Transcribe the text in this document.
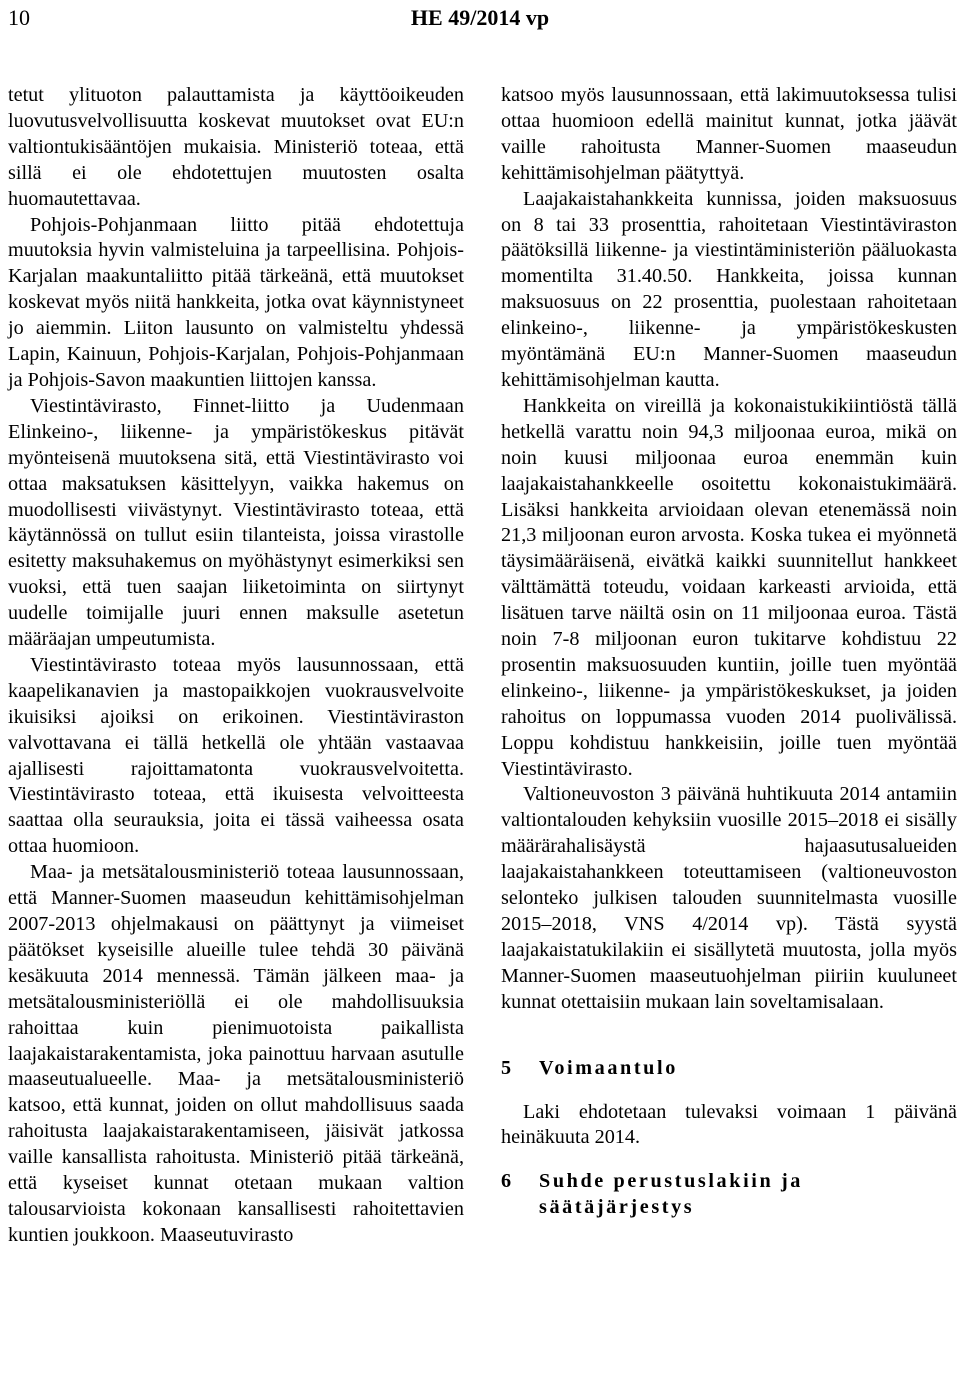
10	HE 49/2014 vp

tetut ylituoton palauttamista ja käyttöoikeuden luovutusvelvollisuutta koskevat muutokset ovat EU:n valtiontukisääntöjen mukaisia. Ministeriö toteaa, että sillä ei ole ehdotettujen muutosten osalta huomautettavaa.

Pohjois-Pohjanmaan liitto pitää ehdotettuja muutoksia hyvin valmisteluina ja tarpeellisina. Pohjois-Karjalan maakuntaliitto pitää tärkeänä, että muutokset koskevat myös niitä hankkeita, jotka ovat käynnistyneet jo aiemmin. Liiton lausunto on valmisteltu yhdessä Lapin, Kainuun, Pohjois-Karjalan, Pohjois-Pohjanmaan ja Pohjois-Savon maakuntien liittojen kanssa.

Viestintävirasto, Finnet-liitto ja Uudenmaan Elinkeino-, liikenne- ja ympäristökeskus pitävät myönteisenä muutoksena sitä, että Viestintävirasto voi ottaa maksatuksen käsittelyyn, vaikka hakemus on muodollisesti viivästynyt. Viestintävirasto toteaa, että käytännössä on tullut esiin tilanteista, joissa virastolle esitetty maksuhakemus on myöhästynyt esimerkiksi sen vuoksi, että tuen saajan liiketoiminta on siirtynyt uudelle toimijalle juuri ennen maksulle asetetun määräajan umpeutumista.

Viestintävirasto toteaa myös lausunnossaan, että kaapelikanavien ja mastopaikkojen vuokrausvelvoite ikuisiksi ajoiksi on erikoinen. Viestintäviraston valvottavana ei tällä hetkellä ole yhtään vastaavaa ajallisesti rajoittamatonta vuokrausvelvoitetta. Viestintävirasto toteaa, että ikuisesta velvoitteesta saattaa olla seurauksia, joita ei tässä vaiheessa osata ottaa huomioon.

Maa- ja metsätalousministeriö toteaa lausunnossaan, että Manner-Suomen maaseudun kehittämisohjelman 2007-2013 ohjelmakausi on päättynyt ja viimeiset päätökset kyseisille alueille tulee tehdä 30 päivänä kesäkuuta 2014 mennessä. Tämän jälkeen maa- ja metsätalousministeriöllä ei ole mahdollisuuksia rahoittaa kuin pienimuotoista paikallista laajakaistarakentamista, joka painottuu harvaan asutulle maaseutualueelle. Maa- ja metsätalousministeriö katsoo, että kunnat, joiden on ollut mahdollisuus saada rahoitusta laajakaistarakentamiseen, jäisivät jatkossa vaille kansallista rahoitusta. Ministeriö pitää tärkeänä, että kyseiset kunnat otetaan mukaan valtion talousarvioista kokonaan kansallisesti rahoitettavien kuntien joukkoon. Maaseutuvirasto

katsoo myös lausunnossaan, että lakimuutoksessa tulisi ottaa huomioon edellä mainitut kunnat, jotka jäävät vaille rahoitusta Manner-Suomen maaseudun kehittämisohjelman päätyttyä.

Laajakaistahankkeita kunnissa, joiden maksuosuus on 8 tai 33 prosenttia, rahoitetaan Viestintäviraston päätöksillä liikenne- ja viestintäministeriön pääluokasta momentilta 31.40.50. Hankkeita, joissa kunnan maksuosuus on 22 prosenttia, puolestaan rahoitetaan elinkeino-, liikenne- ja ympäristökeskusten myöntämänä EU:n Manner-Suomen maaseudun kehittämisohjelman kautta.

Hankkeita on vireillä ja kokonaistukikiintiöstä tällä hetkellä varattu noin 94,3 miljoonaa euroa, mikä on noin kuusi miljoonaa euroa enemmän kuin laajakaistahankkeelle osoitettu kokonaistukimäärä. Lisäksi hankkeita arvioidaan olevan etenemässä noin 21,3 miljoonan euron arvosta. Koska tukea ei myönnetä täysimääräisenä, eivätkä kaikki suunnitellut hankkeet välttämättä toteudu, voidaan karkeasti arvioida, että lisätuen tarve näiltä osin on 11 miljoonaa euroa. Tästä noin 7-8 miljoonan euron tukitarve kohdistuu 22 prosentin maksuosuuden kuntiin, joille tuen myöntää elinkeino-, liikenne- ja ympäristökeskukset, ja joiden rahoitus on loppumassa vuoden 2014 puolivälissä. Loppu kohdistuu hankkeisiin, joille tuen myöntää Viestintävirasto.

Valtioneuvoston 3 päivänä huhtikuuta 2014 antamiin valtiontalouden kehyksiin vuosille 2015–2018 ei sisälly määrärahalisäystä hajaasutusalueiden laajakaistahankkeen toteuttamiseen (valtioneuvoston selonteko julkisen talouden suunnitelmasta vuosille 2015–2018, VNS 4/2014 vp). Tästä syystä laajakaistatukilakiin ei sisällytetä muutosta, jolla myös Manner-Suomen maaseutuohjelman piiriin kuuluneet kunnat otettaisiin mukaan lain soveltamisalaan.

5	Voimaantulo

Laki ehdotetaan tulevaksi voimaan 1 päivänä heinäkuuta 2014.

6	Suhde perustuslakiin ja säätäjärjestys
